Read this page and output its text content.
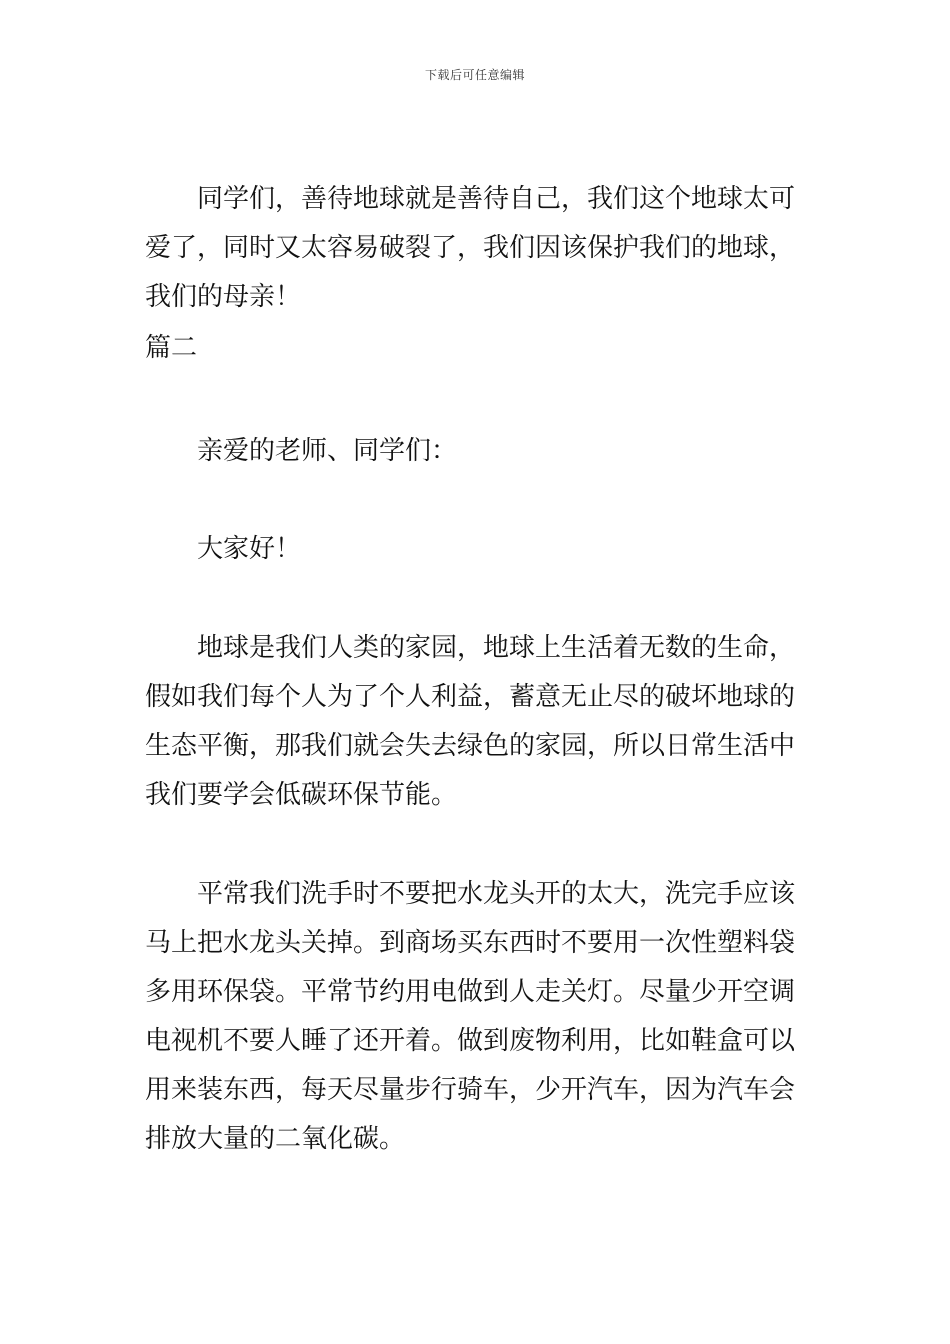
下载后可任意编辑

同学们，善待地球就是善待自己，我们这个地球太可
爱了，同时又太容易破裂了，我们因该保护我们的地球，
我们的母亲！

篇二

亲爱的老师、同学们：

大家好！

地球是我们人类的家园，地球上生活着无数的生命，
假如我们每个人为了个人利益，蓄意无止尽的破坏地球的
生态平衡，那我们就会失去绿色的家园，所以日常生活中
我们要学会低碳环保节能。

平常我们洗手时不要把水龙头开的太大，洗完手应该
马上把水龙头关掉。到商场买东西时不要用一次性塑料袋
多用环保袋。平常节约用电做到人走关灯。尽量少开空调
电视机不要人睡了还开着。做到废物利用，比如鞋盒可以
用来装东西，每天尽量步行骑车，少开汽车，因为汽车会
排放大量的二氧化碳。
